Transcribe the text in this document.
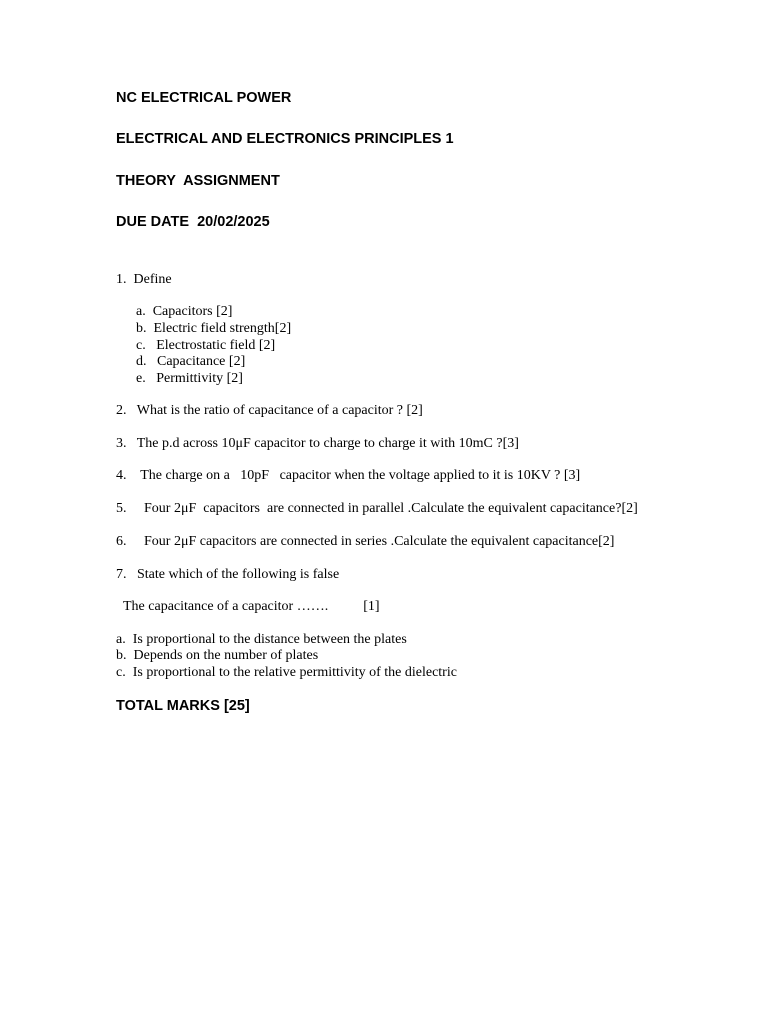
NC ELECTRICAL POWER
ELECTRICAL AND ELECTRONICS PRINCIPLES 1
THEORY  ASSIGNMENT
DUE DATE  20/02/2025
1.  Define
a.  Capacitors [2]
b.  Electric field strength[2]
c.   Electrostatic field [2]
d.   Capacitance [2]
e.   Permittivity [2]
2.   What is the ratio of capacitance of a capacitor ? [2]
3.   The p.d across 10μF capacitor to charge to charge it with 10mC ?[3]
4.    The charge on a   10pF   capacitor when the voltage applied to it is 10KV ? [3]
5.     Four 2μF  capacitors  are connected in parallel .Calculate the equivalent capacitance?[2]
6.     Four 2μF capacitors are connected in series .Calculate the equivalent capacitance[2]
7.   State which of the following is false
The capacitance of a capacitor …….          [1]
a.  Is proportional to the distance between the plates
b.  Depends on the number of plates
c.  Is proportional to the relative permittivity of the dielectric
TOTAL MARKS [25]
